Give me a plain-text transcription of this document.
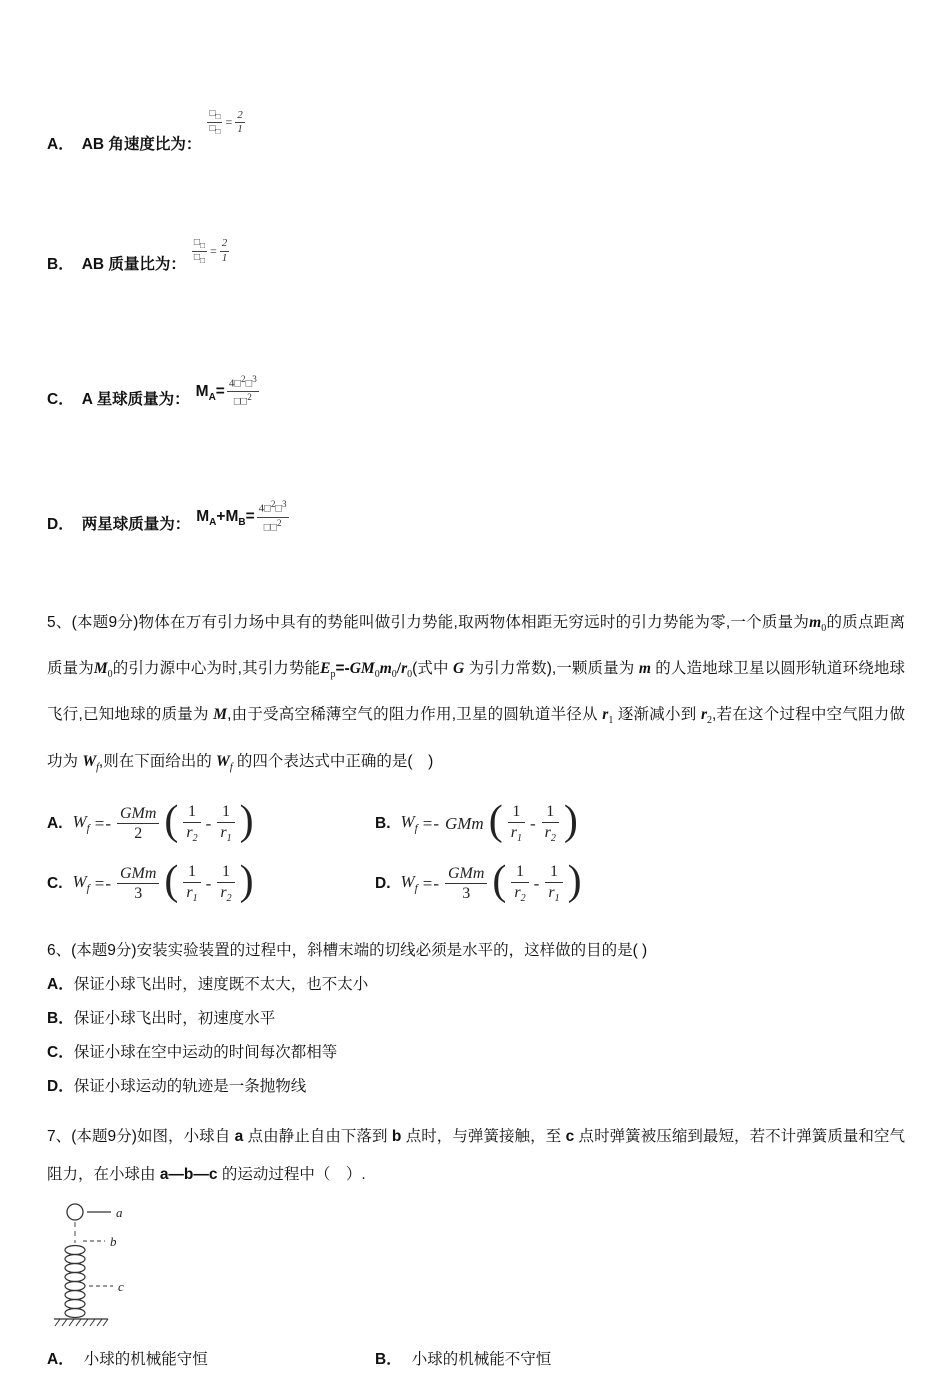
A． AB 角速度比为：
$□_□$
$□_□$
= $\frac{2}{1}$
B． AB 质量比为：
$□_□$
$□_□$
= $\frac{2}{1}$
C． A 星球质量为： $M_A= \frac{4□^2□^3}{□□^2}$
D． 两星球质量为： $M_A+M_B= \frac{4□^2□^3}{□□^2}$
5、(本题9分)物体在万有引力场中具有的势能叫做引力势能,取两物体相距无穷远时的引力势能为零,一个质量为$m_0$的质点距离质量为$M_0$的引力源中心为时,其引力势能$E_p=-GM_0m_0/r_0$(式中 G 为引力常数),一颗质量为 m 的人造地球卫星以圆形轨道环绕地球飞行,已知地球的质量为 M,由于受高空稀薄空气的阻力作用,卫星的圆轨道半径从 $r_1$ 逐渐减小到 $r_2$,若在这个过程中空气阻力做功为 $W_f$,则在下面给出的 $W_f$ 的四个表达式中正确的是(　)
A. $W_f$ =-
GMm
2 ( 1
$r_2$
-
1
$r_1$ )	B. $W_f$ =- GMm ( 1
$r_1$
-
1
$r_2$ )
C. $W_f$ =-
GMm
3 ( 1
$r_1$
-
1
$r_2$ )	D. $W_f$ =-
GMm
3 ( 1
$r_2$
-
1
$r_1$ )
6、(本题9分)安装实验装置的过程中，斜槽末端的切线必须是水平的，这样做的目的是( )
A．保证小球飞出时，速度既不太大，也不太小
B．保证小球飞出时，初速度水平
C．保证小球在空中运动的时间每次都相等
D．保证小球运动的轨迹是一条抛物线
7、(本题9分)如图，小球自 a 点由静止自由下落到 b 点时，与弹簧接触，至 c 点时弹簧被压缩到最短，若不计弹簧质量和空气阻力，在小球由 a—b—c 的运动过程中（　）.
a
b
c
A． 小球的机械能守恒	B． 小球的机械能不守恒
